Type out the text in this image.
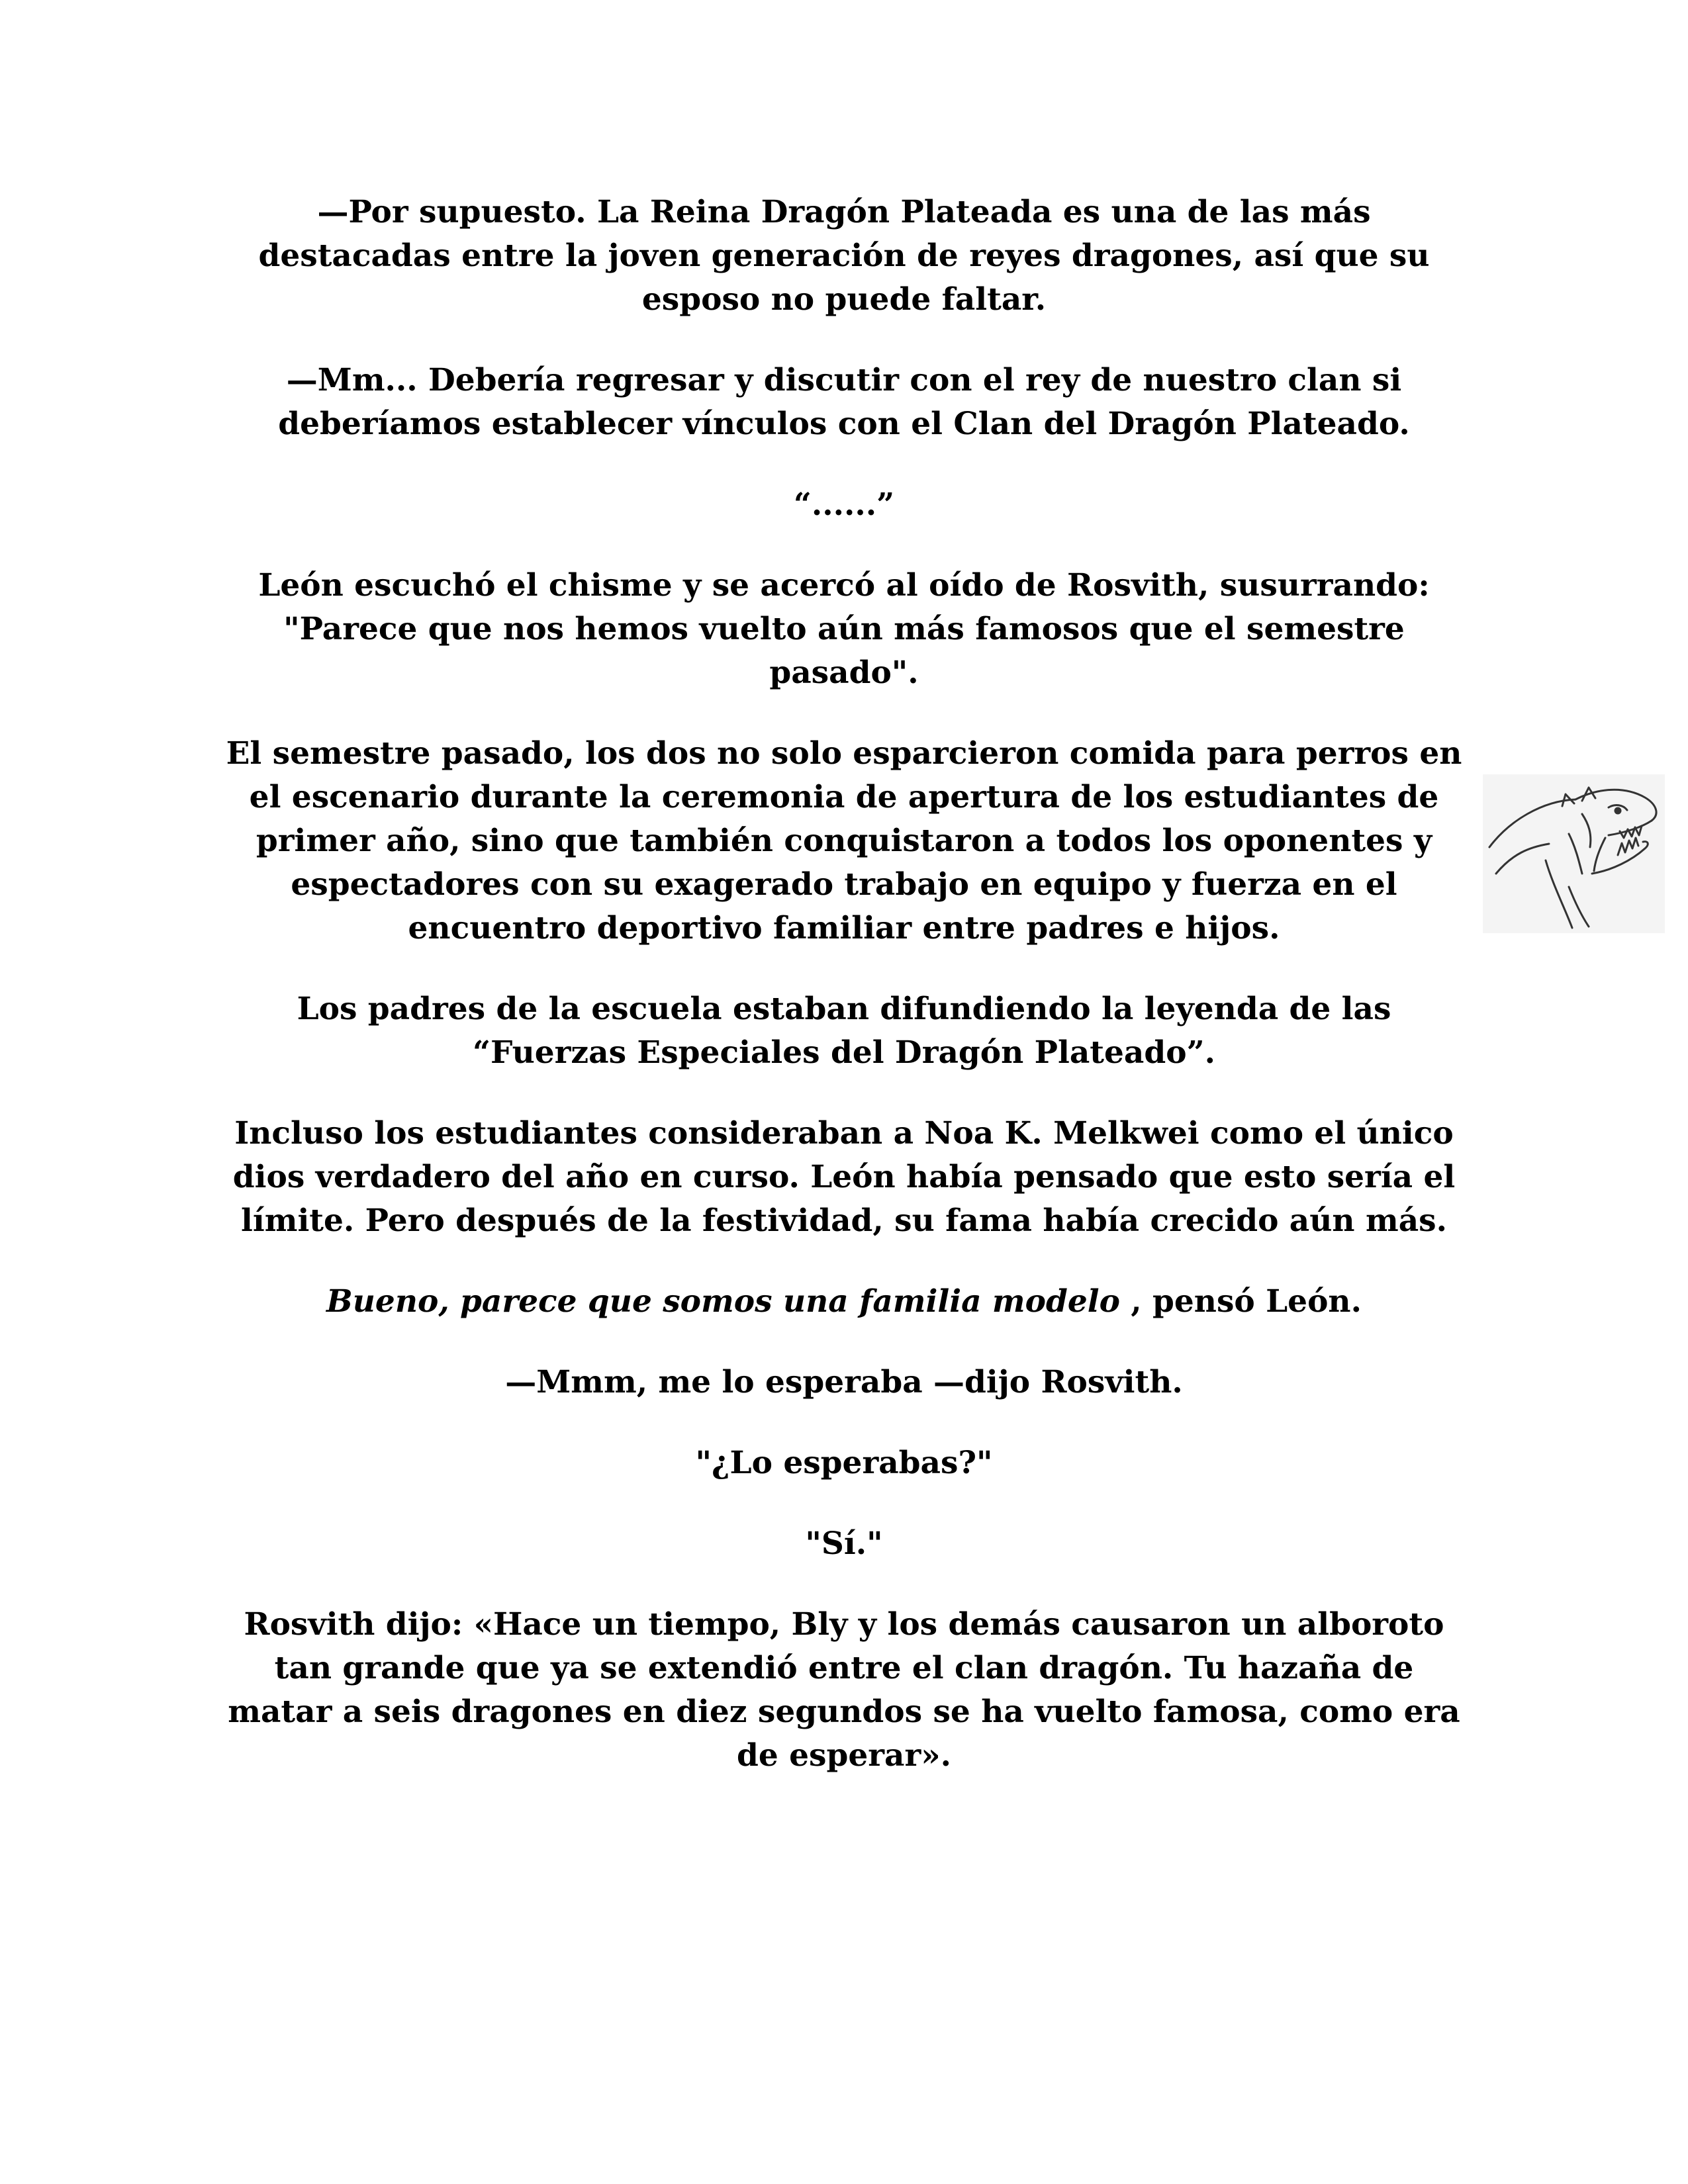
—Por supuesto. La Reina Dragón Plateada es una de las más destacadas entre la joven generación de reyes dragones, así que su esposo no puede faltar.

—Mm... Debería regresar y discutir con el rey de nuestro clan si deberíamos establecer vínculos con el Clan del Dragón Plateado.

“......”

León escuchó el chisme y se acercó al oído de Rosvith, susurrando: "Parece que nos hemos vuelto aún más famosos que el semestre pasado".

El semestre pasado, los dos no solo esparcieron comida para perros en el escenario durante la ceremonia de apertura de los estudiantes de primer año, sino que también conquistaron a todos los oponentes y espectadores con su exagerado trabajo en equipo y fuerza en el encuentro deportivo familiar entre padres e hijos.

Los padres de la escuela estaban difundiendo la leyenda de las “Fuerzas Especiales del Dragón Plateado”.

Incluso los estudiantes consideraban a Noa K. Melkwei como el único dios verdadero del año en curso. León había pensado que esto sería el límite. Pero después de la festividad, su fama había crecido aún más.

Bueno, parece que somos una familia modelo , pensó León.

—Mmm, me lo esperaba —dijo Rosvith.

"¿Lo esperabas?"

"Sí."

Rosvith dijo: «Hace un tiempo, Bly y los demás causaron un alboroto tan grande que ya se extendió entre el clan dragón. Tu hazaña de matar a seis dragones en diez segundos se ha vuelto famosa, como era de esperar».
